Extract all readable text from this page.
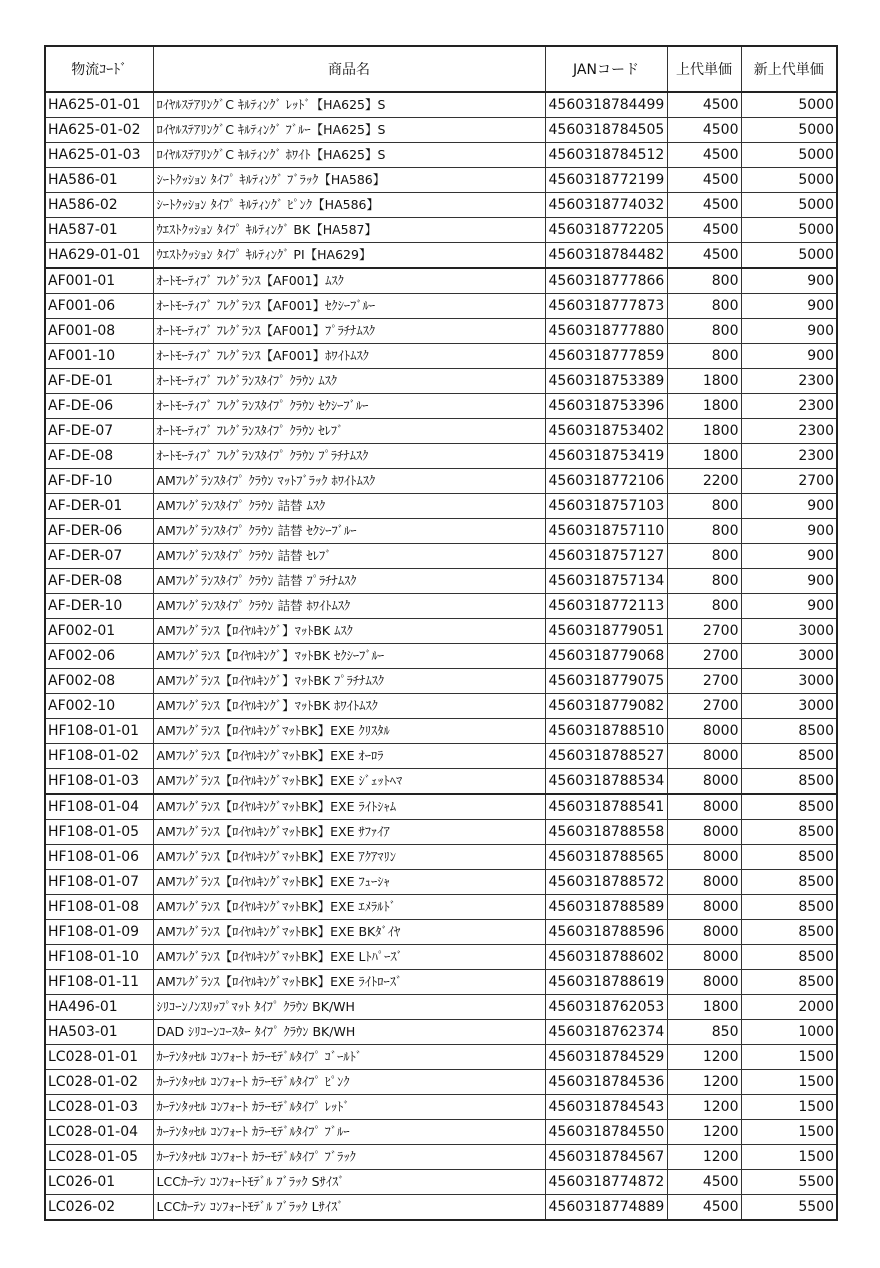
物流ｺｰﾄﾞ	商品名	JANコード	上代単価	新上代単価
HA625-01-01	ﾛｲﾔﾙｽﾃｱﾘﾝｸﾞC ｷﾙﾃｨﾝｸﾞ ﾚｯﾄﾞ【HA625】S	4560318784499	4500	5000
HA625-01-02	ﾛｲﾔﾙｽﾃｱﾘﾝｸﾞC ｷﾙﾃｨﾝｸﾞ ﾌﾞﾙｰ【HA625】S	4560318784505	4500	5000
HA625-01-03	ﾛｲﾔﾙｽﾃｱﾘﾝｸﾞC ｷﾙﾃｨﾝｸﾞ ﾎﾜｲﾄ【HA625】S	4560318784512	4500	5000
HA586-01	ｼｰﾄｸｯｼｮﾝ ﾀｲﾌﾟ ｷﾙﾃｨﾝｸﾞ ﾌﾞﾗｯｸ【HA586】	4560318772199	4500	5000
HA586-02	ｼｰﾄｸｯｼｮﾝ ﾀｲﾌﾟ ｷﾙﾃｨﾝｸﾞ ﾋﾟﾝｸ【HA586】	4560318774032	4500	5000
HA587-01	ｳｴｽﾄｸｯｼｮﾝ ﾀｲﾌﾟ ｷﾙﾃｨﾝｸﾞ BK【HA587】	4560318772205	4500	5000
HA629-01-01	ｳｴｽﾄｸｯｼｮﾝ ﾀｲﾌﾟ ｷﾙﾃｨﾝｸﾞ PI【HA629】	4560318784482	4500	5000
AF001-01	ｵｰﾄﾓｰﾃｨﾌﾞ ﾌﾚｸﾞﾗﾝｽ【AF001】ﾑｽｸ	4560318777866	800	900
AF001-06	ｵｰﾄﾓｰﾃｨﾌﾞ ﾌﾚｸﾞﾗﾝｽ【AF001】ｾｸｼｰﾌﾞﾙｰ	4560318777873	800	900
AF001-08	ｵｰﾄﾓｰﾃｨﾌﾞ ﾌﾚｸﾞﾗﾝｽ【AF001】ﾌﾟﾗﾁﾅﾑｽｸ	4560318777880	800	900
AF001-10	ｵｰﾄﾓｰﾃｨﾌﾞ ﾌﾚｸﾞﾗﾝｽ【AF001】ﾎﾜｲﾄﾑｽｸ	4560318777859	800	900
AF-DE-01	ｵｰﾄﾓｰﾃｨﾌﾞ ﾌﾚｸﾞﾗﾝｽﾀｲﾌﾟ ｸﾗｳﾝ ﾑｽｸ	4560318753389	1800	2300
AF-DE-06	ｵｰﾄﾓｰﾃｨﾌﾞ ﾌﾚｸﾞﾗﾝｽﾀｲﾌﾟ ｸﾗｳﾝ ｾｸｼｰﾌﾞﾙｰ	4560318753396	1800	2300
AF-DE-07	ｵｰﾄﾓｰﾃｨﾌﾞ ﾌﾚｸﾞﾗﾝｽﾀｲﾌﾟ ｸﾗｳﾝ ｾﾚﾌﾞ	4560318753402	1800	2300
AF-DE-08	ｵｰﾄﾓｰﾃｨﾌﾞ ﾌﾚｸﾞﾗﾝｽﾀｲﾌﾟ ｸﾗｳﾝ ﾌﾟﾗﾁﾅﾑｽｸ	4560318753419	1800	2300
AF-DF-10	AMﾌﾚｸﾞﾗﾝｽﾀｲﾌﾟ ｸﾗｳﾝ ﾏｯﾄﾌﾞﾗｯｸ ﾎﾜｲﾄﾑｽｸ	4560318772106	2200	2700
AF-DER-01	AMﾌﾚｸﾞﾗﾝｽﾀｲﾌﾟ ｸﾗｳﾝ 詰替 ﾑｽｸ	4560318757103	800	900
AF-DER-06	AMﾌﾚｸﾞﾗﾝｽﾀｲﾌﾟ ｸﾗｳﾝ 詰替 ｾｸｼｰﾌﾞﾙｰ	4560318757110	800	900
AF-DER-07	AMﾌﾚｸﾞﾗﾝｽﾀｲﾌﾟ ｸﾗｳﾝ 詰替 ｾﾚﾌﾞ	4560318757127	800	900
AF-DER-08	AMﾌﾚｸﾞﾗﾝｽﾀｲﾌﾟ ｸﾗｳﾝ 詰替 ﾌﾟﾗﾁﾅﾑｽｸ	4560318757134	800	900
AF-DER-10	AMﾌﾚｸﾞﾗﾝｽﾀｲﾌﾟ ｸﾗｳﾝ 詰替 ﾎﾜｲﾄﾑｽｸ	4560318772113	800	900
AF002-01	AMﾌﾚｸﾞﾗﾝｽ【ﾛｲﾔﾙｷﾝｸﾞ】ﾏｯﾄBK ﾑｽｸ	4560318779051	2700	3000
AF002-06	AMﾌﾚｸﾞﾗﾝｽ【ﾛｲﾔﾙｷﾝｸﾞ】ﾏｯﾄBK ｾｸｼｰﾌﾞﾙｰ	4560318779068	2700	3000
AF002-08	AMﾌﾚｸﾞﾗﾝｽ【ﾛｲﾔﾙｷﾝｸﾞ】ﾏｯﾄBK ﾌﾟﾗﾁﾅﾑｽｸ	4560318779075	2700	3000
AF002-10	AMﾌﾚｸﾞﾗﾝｽ【ﾛｲﾔﾙｷﾝｸﾞ】ﾏｯﾄBK ﾎﾜｲﾄﾑｽｸ	4560318779082	2700	3000
HF108-01-01	AMﾌﾚｸﾞﾗﾝｽ【ﾛｲﾔﾙｷﾝｸﾞﾏｯﾄBK】EXE ｸﾘｽﾀﾙ	4560318788510	8000	8500
HF108-01-02	AMﾌﾚｸﾞﾗﾝｽ【ﾛｲﾔﾙｷﾝｸﾞﾏｯﾄBK】EXE ｵｰﾛﾗ	4560318788527	8000	8500
HF108-01-03	AMﾌﾚｸﾞﾗﾝｽ【ﾛｲﾔﾙｷﾝｸﾞﾏｯﾄBK】EXE ｼﾞｪｯﾄﾍﾏ	4560318788534	8000	8500
HF108-01-04	AMﾌﾚｸﾞﾗﾝｽ【ﾛｲﾔﾙｷﾝｸﾞﾏｯﾄBK】EXE ﾗｲﾄｼｬﾑ	4560318788541	8000	8500
HF108-01-05	AMﾌﾚｸﾞﾗﾝｽ【ﾛｲﾔﾙｷﾝｸﾞﾏｯﾄBK】EXE ｻﾌｧｲｱ	4560318788558	8000	8500
HF108-01-06	AMﾌﾚｸﾞﾗﾝｽ【ﾛｲﾔﾙｷﾝｸﾞﾏｯﾄBK】EXE ｱｸｱﾏﾘﾝ	4560318788565	8000	8500
HF108-01-07	AMﾌﾚｸﾞﾗﾝｽ【ﾛｲﾔﾙｷﾝｸﾞﾏｯﾄBK】EXE ﾌｭｰｼｬ	4560318788572	8000	8500
HF108-01-08	AMﾌﾚｸﾞﾗﾝｽ【ﾛｲﾔﾙｷﾝｸﾞﾏｯﾄBK】EXE ｴﾒﾗﾙﾄﾞ	4560318788589	8000	8500
HF108-01-09	AMﾌﾚｸﾞﾗﾝｽ【ﾛｲﾔﾙｷﾝｸﾞﾏｯﾄBK】EXE BKﾀﾞｲﾔ	4560318788596	8000	8500
HF108-01-10	AMﾌﾚｸﾞﾗﾝｽ【ﾛｲﾔﾙｷﾝｸﾞﾏｯﾄBK】EXE Lﾄﾊﾟｰｽﾞ	4560318788602	8000	8500
HF108-01-11	AMﾌﾚｸﾞﾗﾝｽ【ﾛｲﾔﾙｷﾝｸﾞﾏｯﾄBK】EXE ﾗｲﾄﾛｰｽﾞ	4560318788619	8000	8500
HA496-01	ｼﾘｺｰﾝﾉﾝｽﾘｯﾌﾟﾏｯﾄ ﾀｲﾌﾟ ｸﾗｳﾝ BK/WH	4560318762053	1800	2000
HA503-01	DAD ｼﾘｺｰﾝｺｰｽﾀｰ ﾀｲﾌﾟ ｸﾗｳﾝ BK/WH	4560318762374	850	1000
LC028-01-01	ｶｰﾃﾝﾀｯｾﾙ ｺﾝﾌｫｰﾄ ｶﾗｰﾓﾃﾞﾙﾀｲﾌﾟ ｺﾞｰﾙﾄﾞ	4560318784529	1200	1500
LC028-01-02	ｶｰﾃﾝﾀｯｾﾙ ｺﾝﾌｫｰﾄ ｶﾗｰﾓﾃﾞﾙﾀｲﾌﾟ ﾋﾟﾝｸ	4560318784536	1200	1500
LC028-01-03	ｶｰﾃﾝﾀｯｾﾙ ｺﾝﾌｫｰﾄ ｶﾗｰﾓﾃﾞﾙﾀｲﾌﾟ ﾚｯﾄﾞ	4560318784543	1200	1500
LC028-01-04	ｶｰﾃﾝﾀｯｾﾙ ｺﾝﾌｫｰﾄ ｶﾗｰﾓﾃﾞﾙﾀｲﾌﾟ ﾌﾞﾙｰ	4560318784550	1200	1500
LC028-01-05	ｶｰﾃﾝﾀｯｾﾙ ｺﾝﾌｫｰﾄ ｶﾗｰﾓﾃﾞﾙﾀｲﾌﾟ ﾌﾞﾗｯｸ	4560318784567	1200	1500
LC026-01	LCCｶｰﾃﾝ ｺﾝﾌｫｰﾄﾓﾃﾞﾙ ﾌﾞﾗｯｸ Sｻｲｽﾞ	4560318774872	4500	5500
LC026-02	LCCｶｰﾃﾝ ｺﾝﾌｫｰﾄﾓﾃﾞﾙ ﾌﾞﾗｯｸ Lｻｲｽﾞ	4560318774889	4500	5500
